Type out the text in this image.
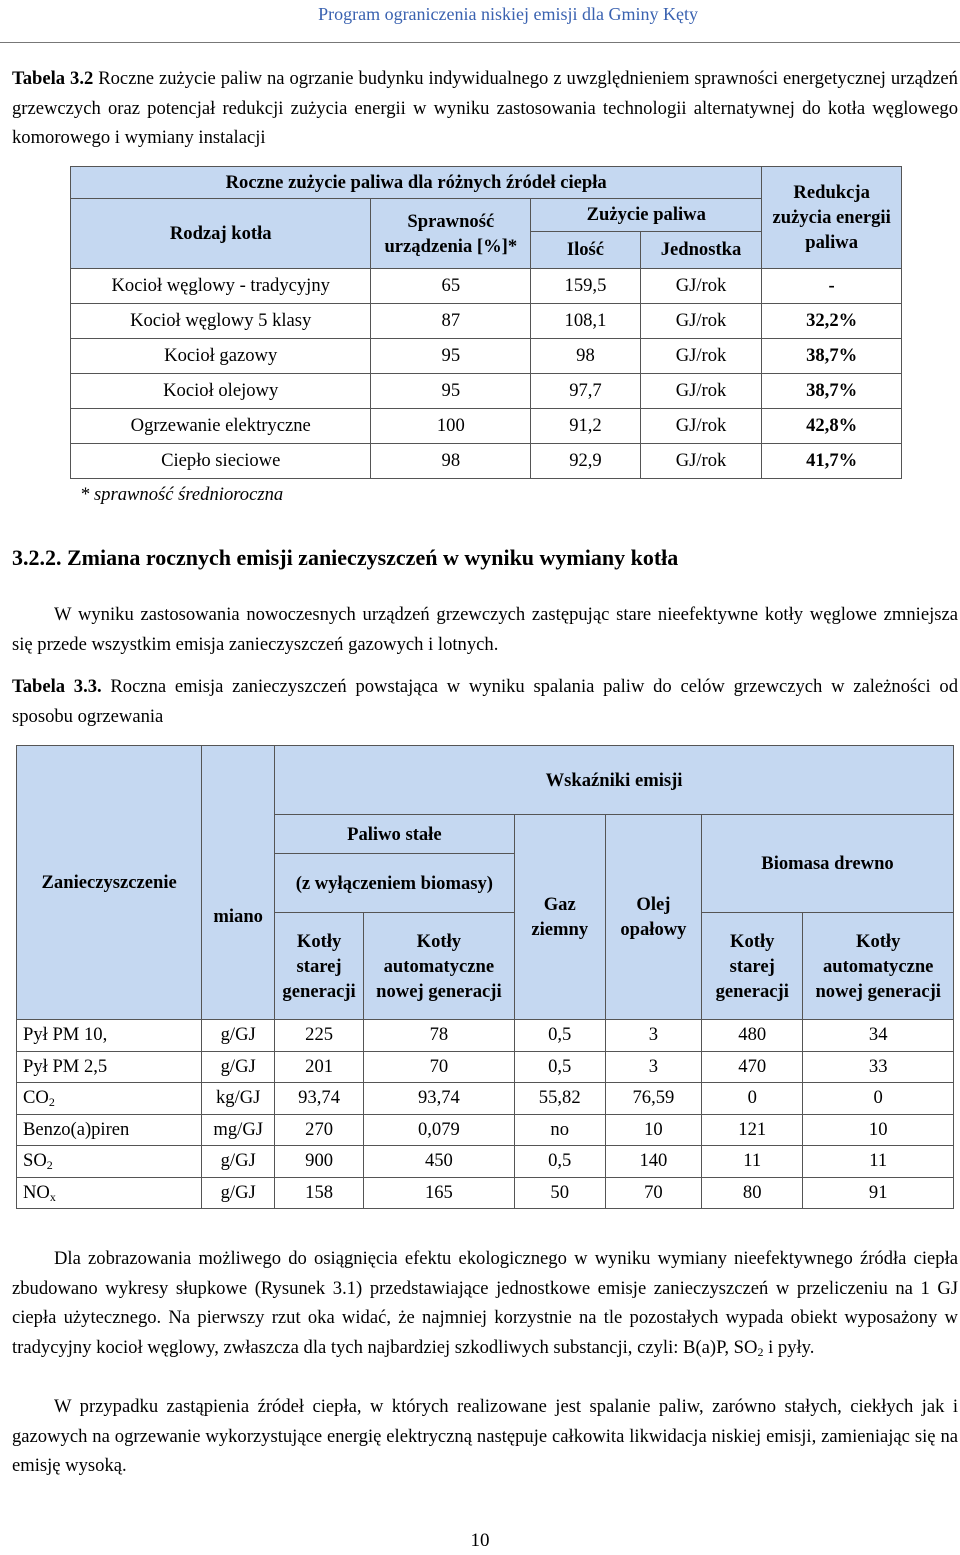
Program ograniczenia niskiej emisji dla Gminy Kęty

Tabela 3.2 Roczne zużycie paliw na ogrzanie budynku indywidualnego z uwzględnieniem sprawności energetycznej urządzeń grzewczych oraz potencjał redukcji zużycia energii w wyniku zastosowania technologii alternatywnej do kotła węglowego komorowego i wymiany instalacji

Roczne zużycie paliwa dla różnych źródeł ciepła				Redukcja zużycia energii paliwa
Rodzaj kotła	Sprawność urządzenia [%]*	Zużycie paliwa		
		Ilość	Jednostka	
Kocioł węglowy - tradycyjny	65	159,5	GJ/rok	-
Kocioł węglowy 5 klasy	87	108,1	GJ/rok	32,2%
Kocioł gazowy	95	98	GJ/rok	38,7%
Kocioł olejowy	95	97,7	GJ/rok	38,7%
Ogrzewanie elektryczne	100	91,2	GJ/rok	42,8%
Ciepło sieciowe	98	92,9	GJ/rok	41,7%
* sprawność średnioroczna
3.2.2. Zmiana rocznych emisji zanieczyszczeń w wyniku wymiany kotła

W wyniku zastosowania nowoczesnych urządzeń grzewczych zastępując stare nieefektywne kotły węglowe zmniejsza się przede wszystkim emisja zanieczyszczeń gazowych i lotnych.

Tabela 3.3. Roczna emisja zanieczyszczeń powstająca w wyniku spalania paliw do celów grzewczych w zależności od sposobu ogrzewania

Zanieczyszczenie		Wskaźniki emisji					
	miano	Paliwo stałe		Gaz ziemny	Olej opałowy	Biomasa drewno	
		(z wyłączeniem biomasy)					
		Kotły starej generacji	Kotły automatyczne nowej generacji			Kotły starej generacji	Kotły automatyczne nowej generacji
Pył PM 10,	g/GJ	225	78	0,5	3	480	34
Pył PM 2,5	g/GJ	201	70	0,5	3	470	33
$CO_2$	kg/GJ	93,74	93,74	55,82	76,59	0	0
Benzo(a)piren	mg/GJ	270	0,079	no	10	121	10
$SO_2$	g/GJ	900	450	0,5	140	11	11
$NO_x$	g/GJ	158	165	50	70	80	91

Dla zobrazowania możliwego do osiągnięcia efektu ekologicznego w wyniku wymiany nieefektywnego źródła ciepła zbudowano wykresy słupkowe (Rysunek 3.1) przedstawiające jednostkowe emisje zanieczyszczeń w przeliczeniu na 1 GJ ciepła użytecznego. Na pierwszy rzut oka widać, że najmniej korzystnie na tle pozostałych wypada obiekt wyposażony w tradycyjny kocioł węglowy, zwłaszcza dla tych najbardziej szkodliwych substancji, czyli: B(a)P, $SO_2$ i pyły.

W przypadku zastąpienia źródeł ciepła, w których realizowane jest spalanie paliw, zarówno stałych, ciekłych jak i gazowych na ogrzewanie wykorzystujące energię elektryczną następuje całkowita likwidacja niskiej emisji, zamieniając się na emisję wysoką.

10
